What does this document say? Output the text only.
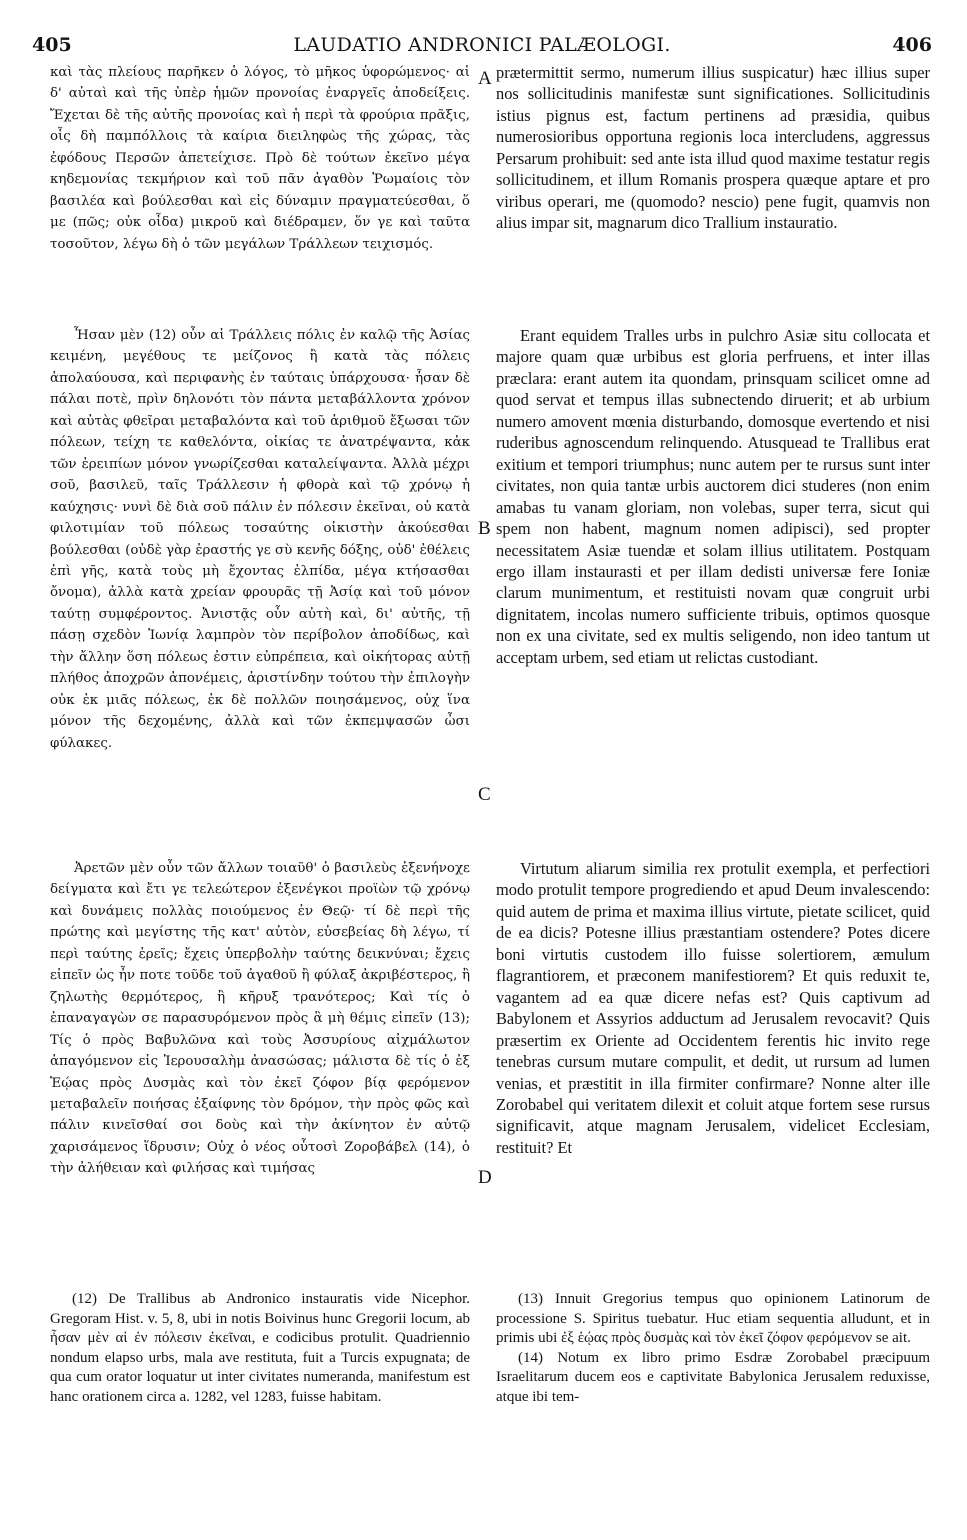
405	LAUDATIO ANDRONICI PALÆOLOGI.	406

καὶ τὰς πλείους παρῆκεν ὁ λόγος, τὸ μῆκος ὑφορώμενος· αἱ δ' αὐταὶ καὶ τῆς ὑπὲρ ἡμῶν προνοίας ἐναργεῖς ἀποδείξεις. Ἔχεται δὲ τῆς αὐτῆς προνοίας καὶ ἡ περὶ τὰ φρούρια πρᾶξις, οἷς δὴ παμπόλλοις τὰ καίρια διειληφὼς τῆς χώρας, τὰς ἐφόδους Περσῶν ἀπετείχισε. Πρὸ δὲ τούτων ἐκεῖνο μέγα κηδεμονίας τεκμήριον καὶ τοῦ πᾶν ἀγαθὸν Ῥωμαίοις τὸν βασιλέα καὶ βούλεσθαι καὶ εἰς δύναμιν πραγματεύεσθαι, ὅ με (πῶς; οὐκ οἶδα) μικροῦ καὶ διέδραμεν, ὅν γε καὶ ταῦτα τοσοῦτον, λέγω δὴ ὁ τῶν μεγάλων Τράλλεων τειχισμός.

Ἦσαν μὲν (12) οὖν αἱ Τράλλεις πόλις ἐν καλῷ τῆς Ἀσίας κειμένη, μεγέθους τε μείζονος ἢ κατὰ τὰς πόλεις ἀπολαύουσα, καὶ περιφανὴς ἐν ταύταις ὑπάρχουσα· ἦσαν δὲ πάλαι ποτὲ, πρὶν δηλονότι τὸν πάντα μεταβάλλοντα χρόνον καὶ αὐτὰς φθεῖραι μεταβαλόντα καὶ τοῦ ἀριθμοῦ ἔξωσαι τῶν πόλεων, τείχη τε καθελόντα, οἰκίας τε ἀνατρέψαντα, κἀκ τῶν ἐρειπίων μόνον γνωρίζεσθαι καταλείψαντα. Ἀλλὰ μέχρι σοῦ, βασιλεῦ, ταῖς Τράλλεσιν ἡ φθορὰ καὶ τῷ χρόνῳ ἡ καύχησις· νυνὶ δὲ διὰ σοῦ πάλιν ἐν πόλεσιν ἐκεῖναι, οὐ κατὰ φιλοτιμίαν τοῦ πόλεως τοσαύτης οἰκιστὴν ἀκούεσθαι βούλεσθαι (οὐδὲ γὰρ ἐραστής γε σὺ κενῆς δόξης, οὐδ' ἐθέλεις ἐπὶ γῆς, κατὰ τοὺς μὴ ἔχοντας ἐλπίδα, μέγα κτήσασθαι ὄνομα), ἀλλὰ κατὰ χρείαν φρουρᾶς τῇ Ἀσίᾳ καὶ τοῦ μόνον ταύτῃ συμφέροντος. Ἀνιστᾷς οὖν αὐτὴ καὶ, δι' αὐτῆς, τῇ πάσῃ σχεδὸν Ἰωνίᾳ λαμπρὸν τὸν περίβολον ἀποδίδως, καὶ τὴν ἄλλην ὅση πόλεως ἐστιν εὐπρέπεια, καὶ οἰκήτορας αὐτῇ πλήθος ἀποχρῶν ἀπονέμεις, ἀριστίνδην τούτου τὴν ἐπιλογὴν οὐκ ἐκ μιᾶς πόλεως, ἐκ δὲ πολλῶν ποιησάμενος, οὐχ ἵνα μόνον τῆς δεχομένης, ἀλλὰ καὶ τῶν ἐκπεμψασῶν ὦσι φύλακες.

Ἀρετῶν μὲν οὖν τῶν ἄλλων τοιαῦθ' ὁ βασιλεὺς ἐξενήνοχε δείγματα καὶ ἔτι γε τελεώτερον ἐξενέγκοι προϊὼν τῷ χρόνῳ καὶ δυνάμεις πολλὰς ποιούμενος ἐν Θεῷ· τί δὲ περὶ τῆς πρώτης καὶ μεγίστης τῆς κατ' αὐτὸν, εὐσεβείας δὴ λέγω, τί περὶ ταύτης ἐρεῖς; ἔχεις ὑπερβολὴν ταύτης δεικνύναι; ἔχεις εἰπεῖν ὡς ἦν ποτε τοῦδε τοῦ ἀγαθοῦ ἢ φύλαξ ἀκριβέστερος, ἢ ζηλωτὴς θερμότερος, ἢ κῆρυξ τρανότερος; Καὶ τίς ὁ ἐπαναγαγὼν σε παρασυρόμενον πρὸς ἃ μὴ θέμις εἰπεῖν (13); Τίς ὁ πρὸς Βαβυλῶνα καὶ τοὺς Ἀσσυρίους αἰχμάλωτον ἀπαγόμενον εἰς Ἱερουσαλὴμ ἀνασώσας; μάλιστα δὲ τίς ὁ ἐξ Ἑῴας πρὸς Δυσμὰς καὶ τὸν ἐκεῖ ζόφον βίᾳ φερόμενον μεταβαλεῖν ποιήσας ἐξαίφνης τὸν δρόμον, τὴν πρὸς φῶς καὶ πάλιν κινεῖσθαί σοι δοὺς καὶ τὴν ἀκίνητον ἐν αὐτῷ χαρισάμενος ἵδρυσιν; Οὐχ ὁ νέος οὗτοσὶ Ζοροβάβελ (14), ὁ τὴν ἀλήθειαν καὶ φιλήσας καὶ τιμήσας

A
B
C
D

prætermittit sermo, numerum illius suspicatur) hæc illius super nos sollicitudinis manifestæ sunt significationes. Sollicitudinis istius pignus est, factum pertinens ad præsidia, quibus numerosioribus opportuna regionis loca intercludens, aggressus Persarum prohibuit: sed ante ista illud quod maxime testatur regis sollicitudinem, et illum Romanis prospera quæque aptare et pro viribus operari, me (quomodo? nescio) pene fugit, quamvis non alius impar sit, magnarum dico Trallium instauratio.

Erant equidem Tralles urbs in pulchro Asiæ situ collocata et majore quam quæ urbibus est gloria perfruens, et inter illas præclara: erant autem ita quondam, prinsquam scilicet omne ad quod servat et tempus illas subnectendo diruerit; et ab urbium numero amovent mœnia disturbando, domosque evertendo et nisi ruderibus agnoscendum relinquendo. Atusquead te Trallibus erat exitium et tempori triumphus; nunc autem per te rursus sunt inter civitates, non quia tantæ urbis auctorem dici studeres (non enim amabas tu vanam gloriam, non volebas, super terra, sicut qui spem non habent, magnum nomen adipisci), sed propter necessitatem Asiæ tuendæ et solam illius utilitatem. Postquam ergo illam instaurasti et per illam dedisti universæ fere Ioniæ clarum munimentum, et restituisti novam quæ congruit urbi dignitatem, incolas numero sufficiente tribuis, optimos quosque non ex una civitate, sed ex multis seligendo, non ideo tantum ut acceptam urbem, sed etiam ut relictas custodiant.

Virtutum aliarum similia rex protulit exempla, et perfectiori modo protulit tempore progrediendo et apud Deum invalescendo: quid autem de prima et maxima illius virtute, pietate scilicet, quid de ea dicis? Potesne illius præstantiam ostendere? Potes dicere boni virtutis custodem illo fuisse solertiorem, æmulum flagrantiorem, et præconem manifestiorem? Et quis reduxit te, vagantem ad ea quæ dicere nefas est? Quis captivum ad Babylonem et Assyrios adductum ad Jerusalem revocavit? Quis præsertim ex Oriente ad Occidentem ferentis hic invito rege tenebras cursum mutare compulit, et dedit, ut rursum ad lumen venias, et præstitit in illa firmiter confirmare? Nonne alter ille Zorobabel qui veritatem dilexit et coluit atque fortem sese rursus significavit, atque magnam Jerusalem, videlicet Ecclesiam, restituit? Et

(12) De Trallibus ab Andronico instauratis vide Nicephor. Gregoram Hist. v. 5, 8, ubi in notis Boivinus hunc Gregorii locum, ab ἦσαν μὲν αἱ ἐν πόλεσιν ἐκεῖναι, e codicibus protulit. Quadriennio nondum elapso urbs, mala ave restituta, fuit a Turcis expugnata; de qua cum orator loquatur ut inter civitates numeranda, manifestum est hanc orationem circa a. 1282, vel 1283, fuisse habitam.

(13) Innuit Gregorius tempus quo opinionem Latinorum de processione S. Spiritus tuebatur. Huc etiam sequentia alludunt, et in primis ubi ἐξ ἑῴας πρὸς δυσμὰς καὶ τὸν ἐκεῖ ζόφον φερόμενον se ait.

(14) Notum ex libro primo Esdræ Zorobabel præcipuum Israelitarum ducem eos e captivitate Babylonica Jerusalem reduxisse, atque ibi tem-
